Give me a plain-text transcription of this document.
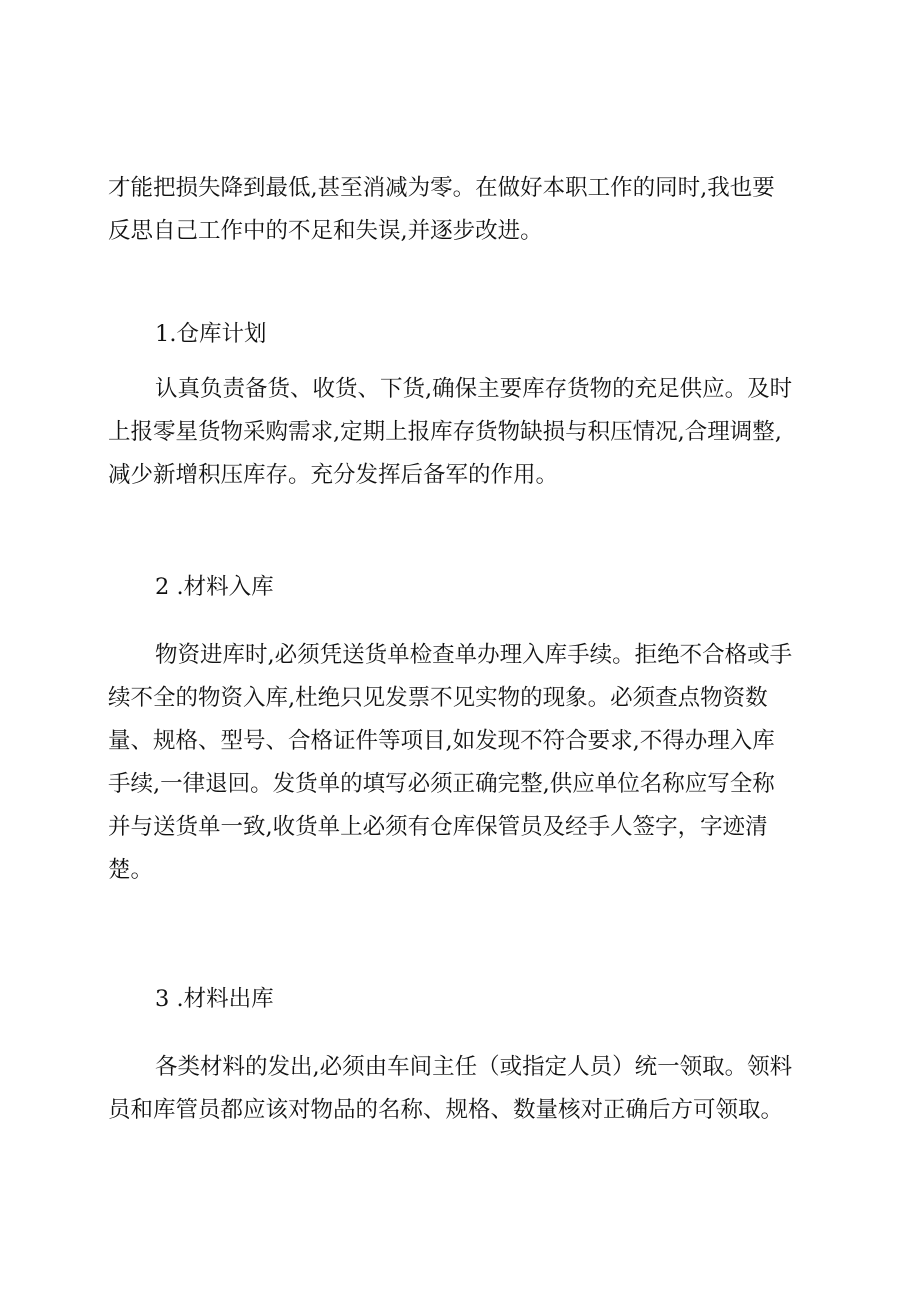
才能把损失降到最低,甚至消减为零。在做好本职工作的同时,我也要
反思自己工作中的不足和失误,并逐步改进。
1.仓库计划
认真负责备货、收货、下货,确保主要库存货物的充足供应。及时
上报零星货物采购需求,定期上报库存货物缺损与积压情况,合理调整,
减少新增积压库存。充分发挥后备军的作用。
2 .材料入库
物资进库时,必须凭送货单检查单办理入库手续。拒绝不合格或手
续不全的物资入库,杜绝只见发票不见实物的现象。必须查点物资数
量、规格、型号、合格证件等项目,如发现不符合要求,不得办理入库
手续,一律退回。发货单的填写必须正确完整,供应单位名称应写全称
并与送货单一致,收货单上必须有仓库保管员及经手人签字，字迹清
楚。
3 .材料出库
各类材料的发出,必须由车间主任（或指定人员）统一领取。领料
员和库管员都应该对物品的名称、规格、数量核对正确后方可领取。
